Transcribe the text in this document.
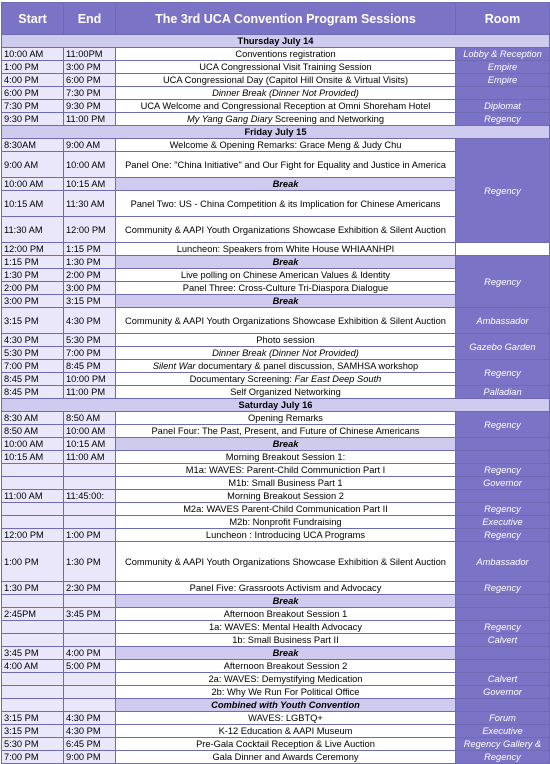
Start	End	The 3rd UCA Convention Program Sessions	Room	
Thursday July 14				
10:00 AM	11:00PM	Conventions registration	Lobby & Reception	
1:00 PM	3:00 PM	UCA Congressional Visit Training Session	Empire	
4:00 PM	6:00 PM	UCA Congressional Day (Capitol Hill Onsite & Virtual Visits)	Empire	
6:00 PM	7:30 PM	Dinner Break (Dinner Not Provided)		
7:30 PM	9:30 PM	UCA Welcome and Congressional Reception at Omni Shoreham Hotel	Diplomat	
9:30 PM	11:00 PM	My Yang Gang Diary Screening and Networking	Regency	
Friday July 15				
8:30AM	9:00 AM	Welcome & Opening Remarks: Grace Meng & Judy Chu	Regency	
9:00 AM	10:00 AM	Panel One: "China Initiative" and Our Fight for Equality and Justice in America		
10:00 AM	10:15 AM	Break		
10:15 AM	11:30 AM	Panel Two: US - China Competition & its Implication for Chinese Americans		
11:30 AM	12:00 PM	Community & AAPI Youth Organizations Showcase Exhibition & Silent Auction	
12:00 PM	1:15 PM	Luncheon: Speakers from White House WHIAANHPI		
1:15 PM	1:30 PM	Break	Regency	
1:30 PM	2:00 PM	Live polling on Chinese American Values & Identity		
2:00 PM	3:00 PM	Panel Three: Cross-Culture Tri-Diaspora Dialogue		
3:00 PM	3:15 PM	Break		
3:15 PM	4:30 PM	Community & AAPI Youth Organizations Showcase Exhibition & Silent Auction	Ambassador	
4:30 PM	5:30 PM	Photo session	Gazebo Garden	
5:30 PM	7:00 PM	Dinner Break (Dinner Not Provided)		
7:00 PM	8:45 PM	Silent War documentary & panel discussion, SAMHSA workshop	Regency	
8:45 PM	10:00 PM	Documentary Screening: Far East Deep South		
8:45 PM	11:00 PM	Self Organized Networking	Palladian	
Saturday July 16				
8:30 AM	8:50 AM	Opening Remarks	Regency	
8:50 AM	10:00 AM	Panel Four: The Past, Present, and Future of Chinese Americans		
10:00 AM	10:15 AM	Break		
10:15 AM	11:00 AM	Morning Breakout Session 1:		
		M1a: WAVES: Parent-Child Communiction Part I	Regency	
		M1b: Small Business Part 1	Governor	
11:00 AM	11:45:00:	Morning Breakout Session 2		
		M2a: WAVES Parent-Child Communication Part II	Regency	
		M2b: Nonprofit Fundraising	Executive	
12:00 PM	1:00 PM	Luncheon : Introducing UCA Programs	Regency	
1:00 PM	1:30 PM	Community & AAPI Youth Organizations Showcase Exhibition & Silent Auction	Ambassador	
1:30 PM	2:30 PM	Panel Five: Grassroots Activism and Advocacy	Regency	
		Break		
2:45PM	3:45 PM	Afternoon Breakout Session 1		
		1a: WAVES: Mental Health Advocacy	Regency	
		1b: Small Business Part II	Calvert	
3:45 PM	4:00 PM	Break		
4:00 AM	5:00 PM	Afternoon Breakout Session 2		
		2a: WAVES: Demystifying Medication	Calvert	
		2b: Why We Run For Political Office	Governor	
		Combined with Youth Convention		
3:15 PM	4:30 PM	WAVES: LGBTQ+	Forum	
3:15 PM	4:30 PM	K-12 Education & AAPI Museum	Executive	
5:30 PM	6:45 PM	Pre-Gala Cocktail Reception & Live Auction	Regency Gallery &	
7:00 PM	9:00 PM	Gala Dinner and Awards Ceremony	Regency	
